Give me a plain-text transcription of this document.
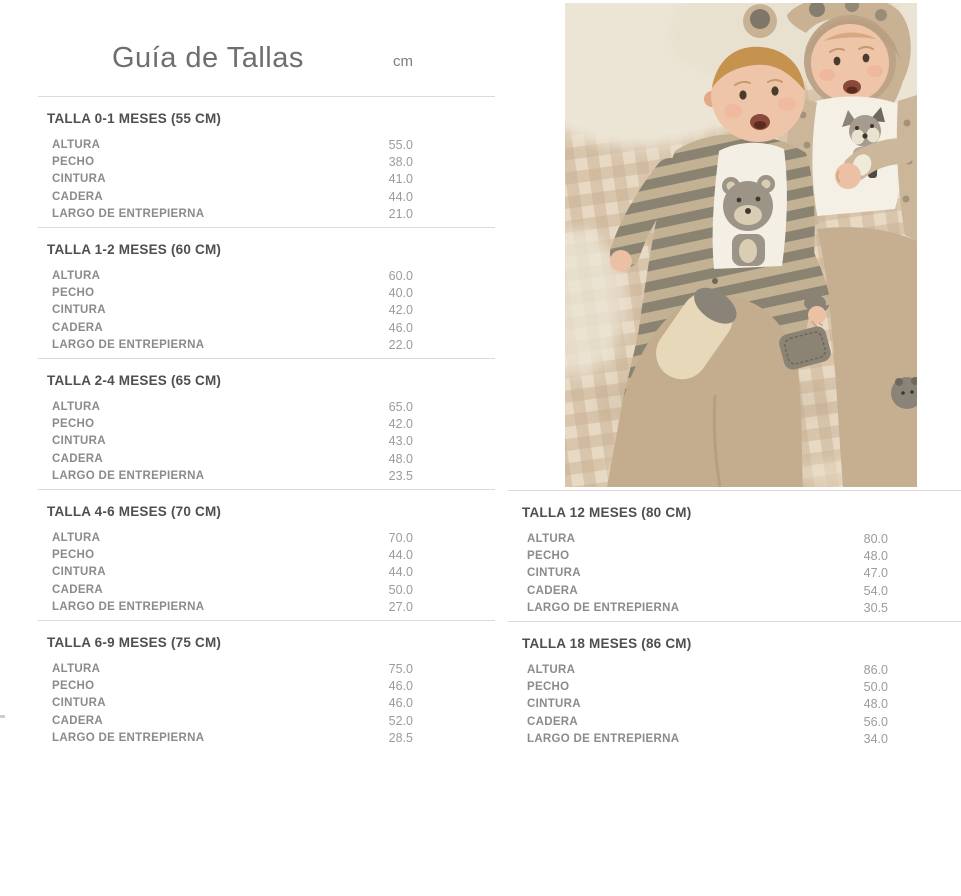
Guía de Tallas	cm
TALLA 0-1 MESES (55 CM)
ALTURA	55.0
PECHO	38.0
CINTURA	41.0
CADERA	44.0
LARGO DE ENTREPIERNA	21.0
TALLA 1-2 MESES (60 CM)
ALTURA	60.0
PECHO	40.0
CINTURA	42.0
CADERA	46.0
LARGO DE ENTREPIERNA	22.0
TALLA 2-4 MESES (65 CM)
ALTURA	65.0
PECHO	42.0
CINTURA	43.0
CADERA	48.0
LARGO DE ENTREPIERNA	23.5
TALLA 4-6 MESES (70 CM)
ALTURA	70.0
PECHO	44.0
CINTURA	44.0
CADERA	50.0
LARGO DE ENTREPIERNA	27.0
TALLA 6-9 MESES (75 CM)
ALTURA	75.0
PECHO	46.0
CINTURA	46.0
CADERA	52.0
LARGO DE ENTREPIERNA	28.5
TALLA 12 MESES (80 CM)
ALTURA	80.0
PECHO	48.0
CINTURA	47.0
CADERA	54.0
LARGO DE ENTREPIERNA	30.5
TALLA 18 MESES (86 CM)
ALTURA	86.0
PECHO	50.0
CINTURA	48.0
CADERA	56.0
LARGO DE ENTREPIERNA	34.0
